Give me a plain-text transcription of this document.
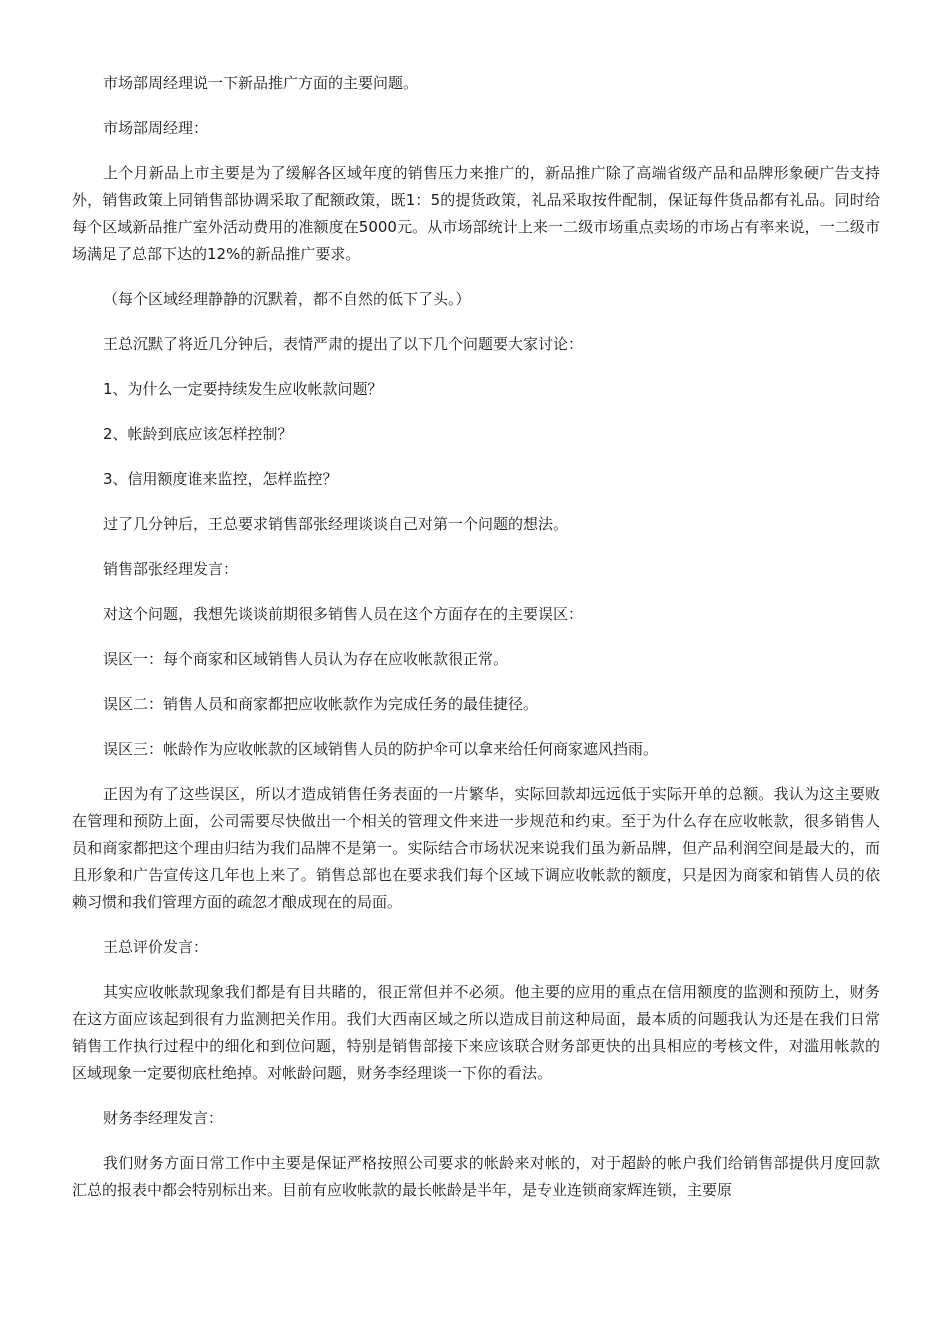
市场部周经理说一下新品推广方面的主要问题。

市场部周经理：

上个月新品上市主要是为了缓解各区域年度的销售压力来推广的，新品推广除了高端省级产品和品牌形象硬广告支持外，销售政策上同销售部协调采取了配额政策，既1：5的提货政策，礼品采取按件配制，保证每件货品都有礼品。同时给每个区域新品推广室外活动费用的准额度在5000元。从市场部统计上来一二级市场重点卖场的市场占有率来说，一二级市场满足了总部下达的12%的新品推广要求。

（每个区域经理静静的沉默着，都不自然的低下了头。）

王总沉默了将近几分钟后，表情严肃的提出了以下几个问题要大家讨论：

1、为什么一定要持续发生应收帐款问题？

2、帐龄到底应该怎样控制？

3、信用额度谁来监控，怎样监控？

过了几分钟后，王总要求销售部张经理谈谈自己对第一个问题的想法。

销售部张经理发言：

对这个问题，我想先谈谈前期很多销售人员在这个方面存在的主要误区：

误区一：每个商家和区域销售人员认为存在应收帐款很正常。

误区二：销售人员和商家都把应收帐款作为完成任务的最佳捷径。

误区三：帐龄作为应收帐款的区域销售人员的防护伞可以拿来给任何商家遮风挡雨。

正因为有了这些误区，所以才造成销售任务表面的一片繁华，实际回款却远远低于实际开单的总额。我认为这主要败在管理和预防上面，公司需要尽快做出一个相关的管理文件来进一步规范和约束。至于为什么存在应收帐款，很多销售人员和商家都把这个理由归结为我们品牌不是第一。实际结合市场状况来说我们虽为新品牌，但产品利润空间是最大的，而且形象和广告宣传这几年也上来了。销售总部也在要求我们每个区域下调应收帐款的额度，只是因为商家和销售人员的依赖习惯和我们管理方面的疏忽才酿成现在的局面。

王总评价发言：

其实应收帐款现象我们都是有目共睹的，很正常但并不必须。他主要的应用的重点在信用额度的监测和预防上，财务在这方面应该起到很有力监测把关作用。我们大西南区域之所以造成目前这种局面，最本质的问题我认为还是在我们日常销售工作执行过程中的细化和到位问题，特别是销售部接下来应该联合财务部更快的出具相应的考核文件，对滥用帐款的区域现象一定要彻底杜绝掉。对帐龄问题，财务李经理谈一下你的看法。

财务李经理发言：

我们财务方面日常工作中主要是保证严格按照公司要求的帐龄来对帐的，对于超龄的帐户我们给销售部提供月度回款汇总的报表中都会特别标出来。目前有应收帐款的最长帐龄是半年，是专业连锁商家辉连锁，主要原
